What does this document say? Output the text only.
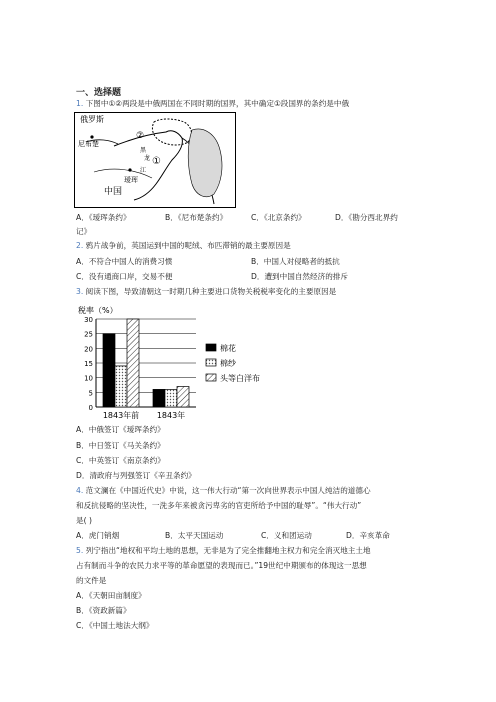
一、选择题
1. 下图中①②两段是中俄两国在不同时期的国界，其中确定①段国界的条约是中俄
俄罗斯
尼布楚
瑷珲
中国
②
①
黑
龙
江
A．《瑷珲条约》	B．《尼布楚条约》	C．《北京条约》	D．《勘分西北界约
记》
2. 鸦片战争前，英国运到中国的呢绒、布匹滞销的最主要原因是
A．不符合中国人的消费习惯	B．中国人对侵略者的抵抗
C．没有通商口岸，交易不便	D．遭到中国自然经济的排斥
3. 阅读下图，导致清朝这一时期几种主要进口货物关税税率变化的主要原因是
税率（%）
0
5
10
15
20
25
30
1843年前 1843年
棉花
棉纱
头等白洋布
A．中俄签订《瑷珲条约》
B．中日签订《马关条约》
C．中英签订《南京条约》
D．清政府与列强签订《辛丑条约》
4. 范文澜在《中国近代史》中说，这一伟大行动“第一次向世界表示中国人纯洁的道德心
和反抗侵略的坚决性，一洗多年来被贪污卑劣的官吏所给予中国的耻辱”。“伟大行动”
是( )
A．虎门销烟	B．太平天国运动	C．义和团运动	D．辛亥革命
5. 列宁指出“地权和平均土地的思想，无非是为了完全推翻地主权力和完全消灭地主土地
占有制而斗争的农民力求平等的革命愿望的表现而已。”19世纪中期颁布的体现这一思想
的文件是
A．《天朝田亩制度》
B．《资政新篇》
C．《中国土地法大纲》
